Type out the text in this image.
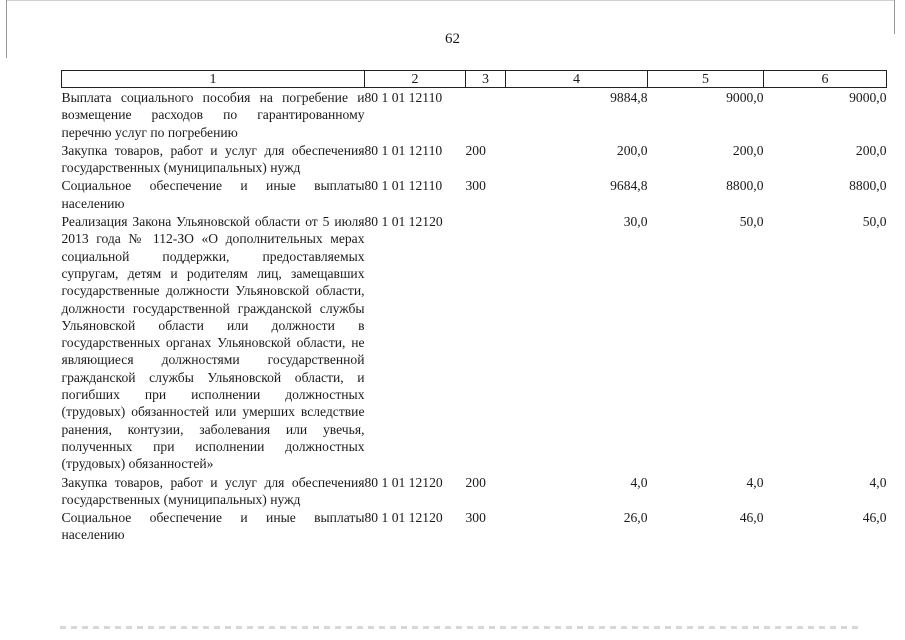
62
1	2	3	4	5	6
Выплата социального пособия на погребение и возмещение расходов по гарантированному перечню услуг по погребению	80 1 01 12110		9884,8	9000,0	9000,0
Закупка товаров, работ и услуг для обеспечения государственных (муниципальных) нужд	80 1 01 12110	200	200,0	200,0	200,0
Социальное обеспечение и иные выплаты населению	80 1 01 12110	300	9684,8	8800,0	8800,0
Реализация Закона Ульяновской области от 5 июля 2013 года № 112-ЗО «О дополнительных мерах социальной поддержки, предоставляемых супругам, детям и родителям лиц, замещавших государственные должности Ульяновской области, должности государственной гражданской службы Ульяновской области или должности в государственных органах Ульяновской области, не являющиеся должностями государственной гражданской службы Ульяновской области, и погибших при исполнении должностных (трудовых) обязанностей или умерших вследствие ранения, контузии, заболевания или увечья, полученных при исполнении должностных (трудовых) обязанностей»	80 1 01 12120		30,0	50,0	50,0
Закупка товаров, работ и услуг для обеспечения государственных (муниципальных) нужд	80 1 01 12120	200	4,0	4,0	4,0
Социальное обеспечение и иные выплаты населению	80 1 01 12120	300	26,0	46,0	46,0
